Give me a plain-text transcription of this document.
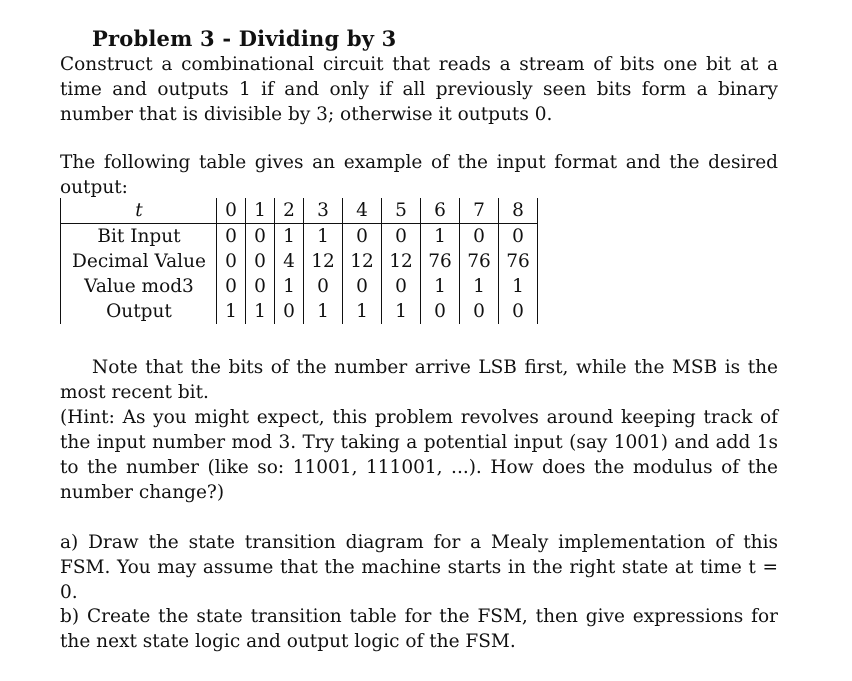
Problem 3 - Dividing by 3
Construct a combinational circuit that reads a stream of bits one bit at a time and outputs 1 if and only if all previously seen bits form a binary number that is divisible by 3; otherwise it outputs 0.
The following table gives an example of the input format and the desired output:
t	0	1	2	3	4	5	6	7	8
Bit Input	0	0	1	1	0	0	1	0	0
Decimal Value	0	0	4	12	12	12	76	76	76
Value mod3	0	0	1	0	0	0	1	1	1
Output	1	1	0	1	1	1	0	0	0
Note that the bits of the number arrive LSB first, while the MSB is the most recent bit.
(Hint: As you might expect, this problem revolves around keeping track of the input number mod 3. Try taking a potential input (say 1001) and add 1s to the number (like so: 11001, 111001, ...). How does the modulus of the number change?)
a) Draw the state transition diagram for a Mealy implementation of this FSM. You may assume that the machine starts in the right state at time t = 0.
b) Create the state transition table for the FSM, then give expressions for the next state logic and output logic of the FSM.
